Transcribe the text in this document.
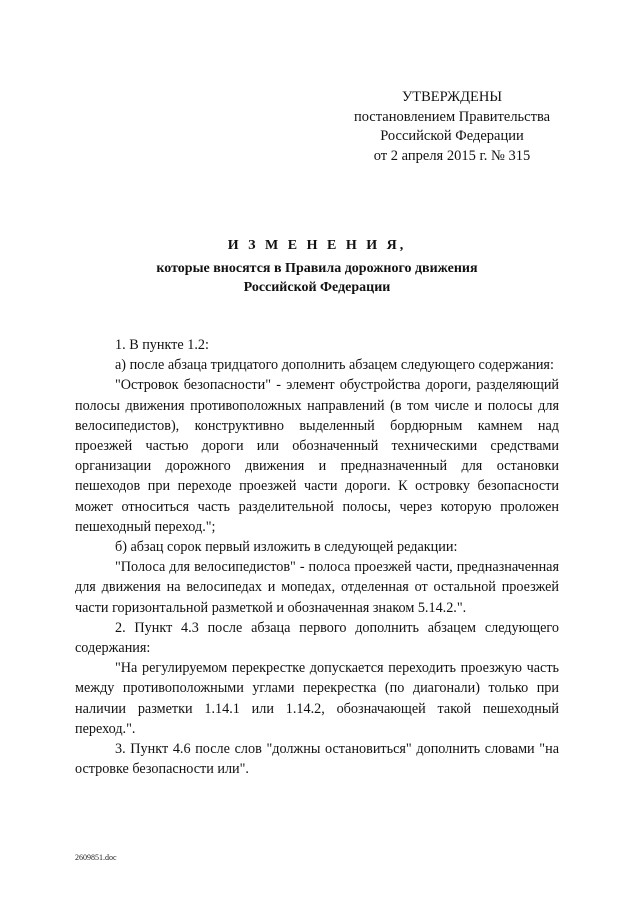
УТВЕРЖДЕНЫ
постановлением Правительства
Российской Федерации
от 2 апреля 2015 г. № 315
И З М Е Н Е Н И Я,
которые вносятся в Правила дорожного движения
Российской Федерации

1. В пункте 1.2:

а) после абзаца тридцатого дополнить абзацем следующего содержания:

"Островок безопасности" - элемент обустройства дороги, разделяющий полосы движения противоположных направлений (в том числе и полосы для велосипедистов), конструктивно выделенный бордюрным камнем над проезжей частью дороги или обозначенный техническими средствами организации дорожного движения и предназначенный для остановки пешеходов при переходе проезжей части дороги. К островку безопасности может относиться часть разделительной полосы, через которую проложен пешеходный переход.";

б) абзац сорок первый изложить в следующей редакции:

"Полоса для велосипедистов" - полоса проезжей части, предназначенная для движения на велосипедах и мопедах, отделенная от остальной проезжей части горизонтальной разметкой и обозначенная знаком 5.14.2.".

2. Пункт 4.3 после абзаца первого дополнить абзацем следующего содержания:

"На регулируемом перекрестке допускается переходить проезжую часть между противоположными углами перекрестка (по диагонали) только при наличии разметки 1.14.1 или 1.14.2, обозначающей такой пешеходный переход.".

3. Пункт 4.6 после слов "должны остановиться" дополнить словами "на островке безопасности или".

2609851.doc
